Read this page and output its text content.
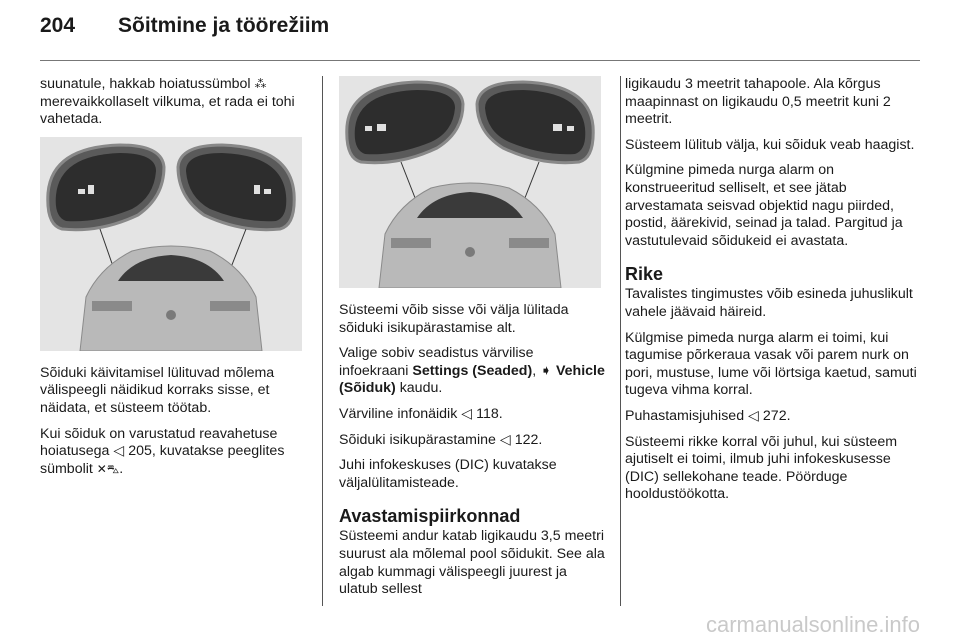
204	Sõitmine ja töörežiim

suunatule, hakkab hoiatussümbol ⁂ merevaikkollaselt vilkuma, et rada ei tohi vahetada.

Sõiduki käivitamisel lülituvad mõlema välispeegli näidikud korraks sisse, et näidata, et süsteem töötab.

Kui sõiduk on varustatud reavahetuse hoiatusega ◁ 205, kuvatakse peeglites sümbolit ✕⛍.

Süsteemi võib sisse või välja lülitada sõiduki isikupärastamise alt.

Valige sobiv seadistus värvilise infoekraani Settings (Seaded), ➧ Vehicle (Sõiduk) kaudu.

Värviline infonäidik ◁ 118.

Sõiduki isikupärastamine ◁ 122.

Juhi infokeskuses (DIC) kuvatakse väljalülitamisteade.

Avastamispiirkonnad

Süsteemi andur katab ligikaudu 3,5 meetri suurust ala mõlemal pool sõidukit. See ala algab kummagi välispeegli juurest ja ulatub sellest

ligikaudu 3 meetrit tahapoole. Ala kõrgus maapinnast on ligikaudu 0,5 meetrit kuni 2 meetrit.

Süsteem lülitub välja, kui sõiduk veab haagist.

Külgmine pimeda nurga alarm on konstrueeritud selliselt, et see jätab arvestamata seisvad objektid nagu piirded, postid, äärekivid, seinad ja talad. Pargitud ja vastutulevaid sõidukeid ei avastata.

Rike

Tavalistes tingimustes võib esineda juhuslikult vahele jäävaid häireid.

Külgmise pimeda nurga alarm ei toimi, kui tagumise põrkeraua vasak või parem nurk on pori, mustuse, lume või lörtsiga kaetud, samuti tugeva vihma korral.

Puhastamisjuhised ◁ 272.

Süsteemi rikke korral või juhul, kui süsteem ajutiselt ei toimi, ilmub juhi infokeskusesse (DIC) sellekohane teade. Pöörduge hooldustöökotta.

carmanualsonline.info
